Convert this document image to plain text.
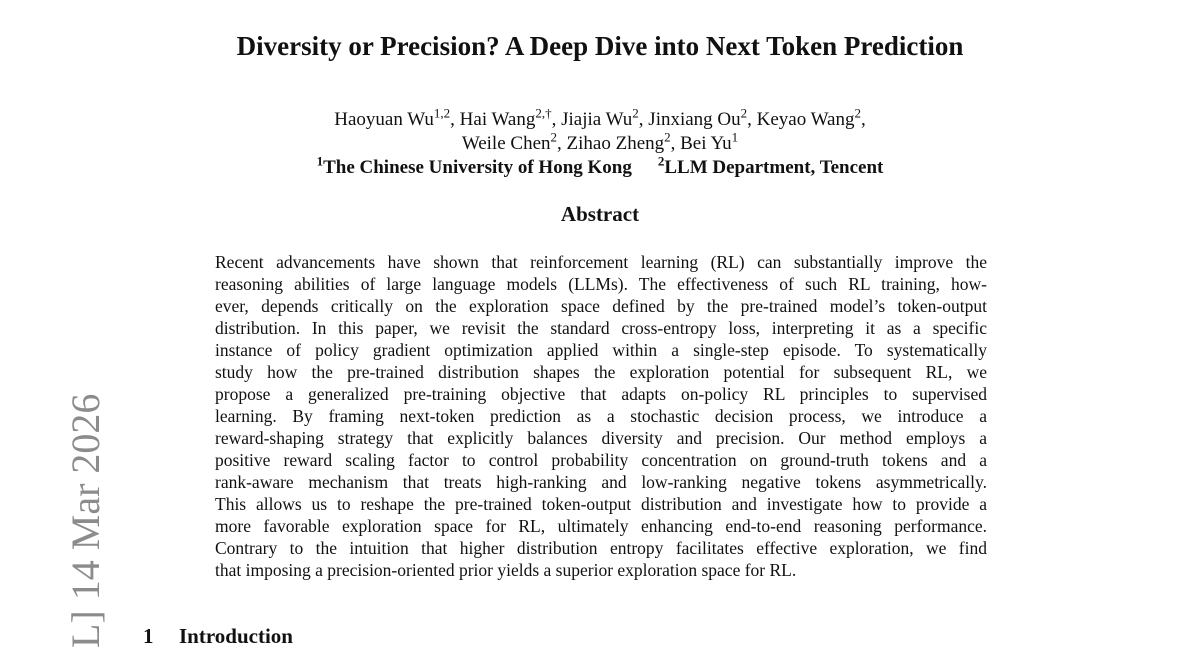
Diversity or Precision? A Deep Dive into Next Token Prediction
Haoyuan Wu$^{1,2}$, Hai Wang$^{2,\dagger}$, Jiajia Wu$^2$, Jinxiang Ou$^2$, Keyao Wang$^2$,
Weile Chen$^2$, Zihao Zheng$^2$, Bei Yu$^1$
$^1$The Chinese University of Hong Kong $^2$LLM Department, Tencent
Abstract
Recent advancements have shown that reinforcement learning (RL) can substantially improve the
reasoning abilities of large language models (LLMs). The effectiveness of such RL training, how-
ever, depends critically on the exploration space defined by the pre-trained model’s token-output
distribution. In this paper, we revisit the standard cross-entropy loss, interpreting it as a specific
instance of policy gradient optimization applied within a single-step episode. To systematically
study how the pre-trained distribution shapes the exploration potential for subsequent RL, we
propose a generalized pre-training objective that adapts on-policy RL principles to supervised
learning. By framing next-token prediction as a stochastic decision process, we introduce a
reward-shaping strategy that explicitly balances diversity and precision. Our method employs a
positive reward scaling factor to control probability concentration on ground-truth tokens and a
rank-aware mechanism that treats high-ranking and low-ranking negative tokens asymmetrically.
This allows us to reshape the pre-trained token-output distribution and investigate how to provide a
more favorable exploration space for RL, ultimately enhancing end-to-end reasoning performance.
Contrary to the intuition that higher distribution entropy facilitates effective exploration, we find
that imposing a precision-oriented prior yields a superior exploration space for RL.
1 Introduction
L] 14 Mar 2026
